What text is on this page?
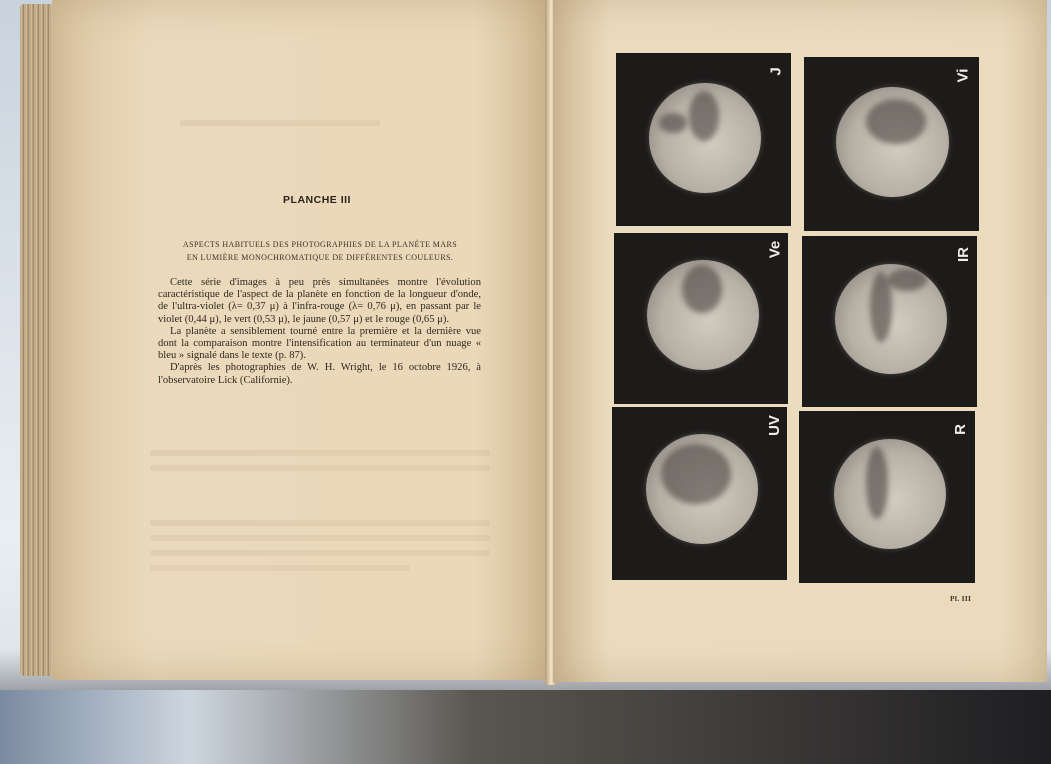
PLANCHE III
ASPECTS HABITUELS DES PHOTOGRAPHIES DE LA PLANÈTE MARS
EN LUMIÈRE MONOCHROMATIQUE DE DIFFÉRENTES COULEURS.

Cette série d'images à peu près simultanées montre l'évolution caractéristique de l'aspect de la planète en fonction de la longueur d'onde, de l'ultra-violet (λ= 0,37 μ) à l'infra-rouge (λ= 0,76 μ), en passant par le violet (0,44 μ), le vert (0,53 μ), le jaune (0,57 μ) et le rouge (0,65 μ).

La planète a sensiblement tourné entre la première et la dernière vue dont la comparaison montre l'intensification au terminateur d'un nuage « bleu » signalé dans le texte (p. 87).

D'après les photographies de W. H. Wright, le 16 octobre 1926, à l'observatoire Lick (Californie).

J	Vi
Ve	IR
UV	R
Pl. III
